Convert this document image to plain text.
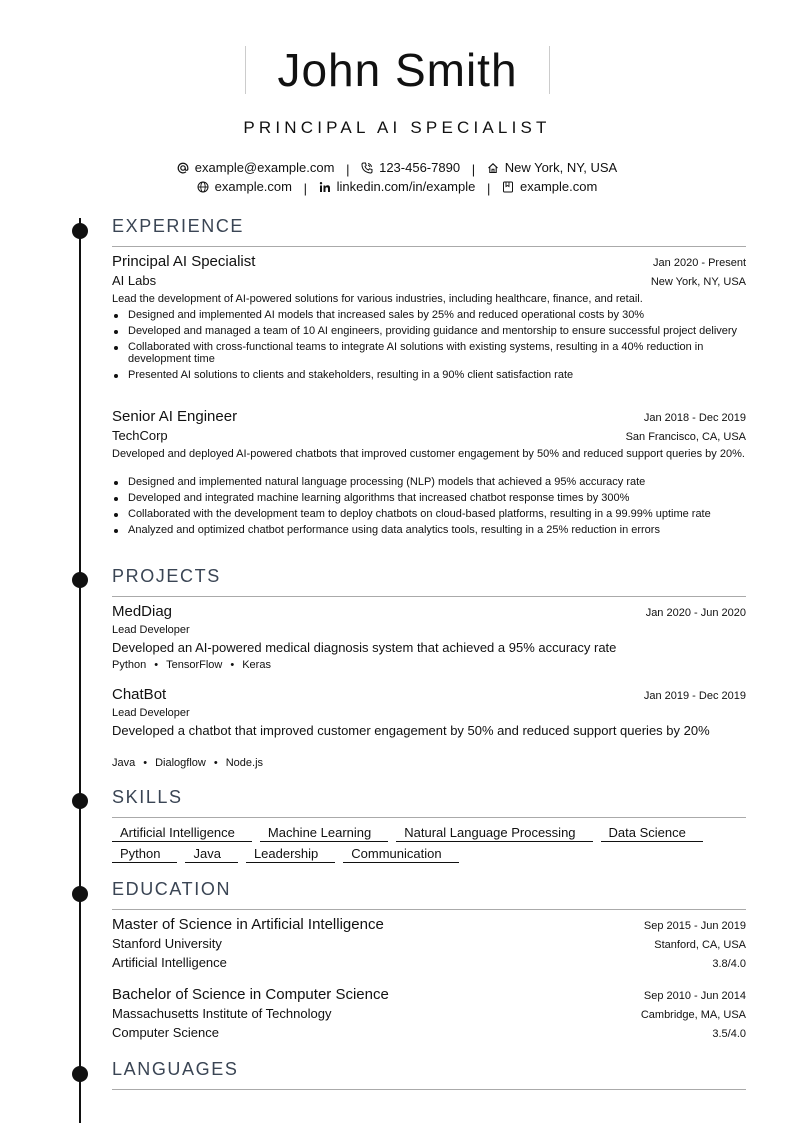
John Smith
PRINCIPAL AI SPECIALIST
example@example.com | 123-456-7890 | New York, NY, USA
example.com | linkedin.com/in/example | example.com
EXPERIENCE
Principal AI Specialist	Jan 2020 - Present
AI Labs	New York, NY, USA
Lead the development of AI-powered solutions for various industries, including healthcare, finance, and retail.
Designed and implemented AI models that increased sales by 25% and reduced operational costs by 30%
Developed and managed a team of 10 AI engineers, providing guidance and mentorship to ensure successful project delivery
Collaborated with cross-functional teams to integrate AI solutions with existing systems, resulting in a 40% reduction in development time
Presented AI solutions to clients and stakeholders, resulting in a 90% client satisfaction rate
Senior AI Engineer	Jan 2018 - Dec 2019
TechCorp	San Francisco, CA, USA
Developed and deployed AI-powered chatbots that improved customer engagement by 50% and reduced support queries by 20%.
Designed and implemented natural language processing (NLP) models that achieved a 95% accuracy rate
Developed and integrated machine learning algorithms that increased chatbot response times by 300%
Collaborated with the development team to deploy chatbots on cloud-based platforms, resulting in a 99.99% uptime rate
Analyzed and optimized chatbot performance using data analytics tools, resulting in a 25% reduction in errors
PROJECTS
MedDiag	Jan 2020 - Jun 2020
Lead Developer
Developed an AI-powered medical diagnosis system that achieved a 95% accuracy rate
Python • TensorFlow • Keras
ChatBot	Jan 2019 - Dec 2019
Lead Developer
Developed a chatbot that improved customer engagement by 50% and reduced support queries by 20%
Java • Dialogflow • Node.js
SKILLS
Artificial Intelligence	Machine Learning	Natural Language Processing	Data Science
Python	Java	Leadership	Communication
EDUCATION
Master of Science in Artificial Intelligence	Sep 2015 - Jun 2019
Stanford University	Stanford, CA, USA
Artificial Intelligence	3.8/4.0
Bachelor of Science in Computer Science	Sep 2010 - Jun 2014
Massachusetts Institute of Technology	Cambridge, MA, USA
Computer Science	3.5/4.0
LANGUAGES
